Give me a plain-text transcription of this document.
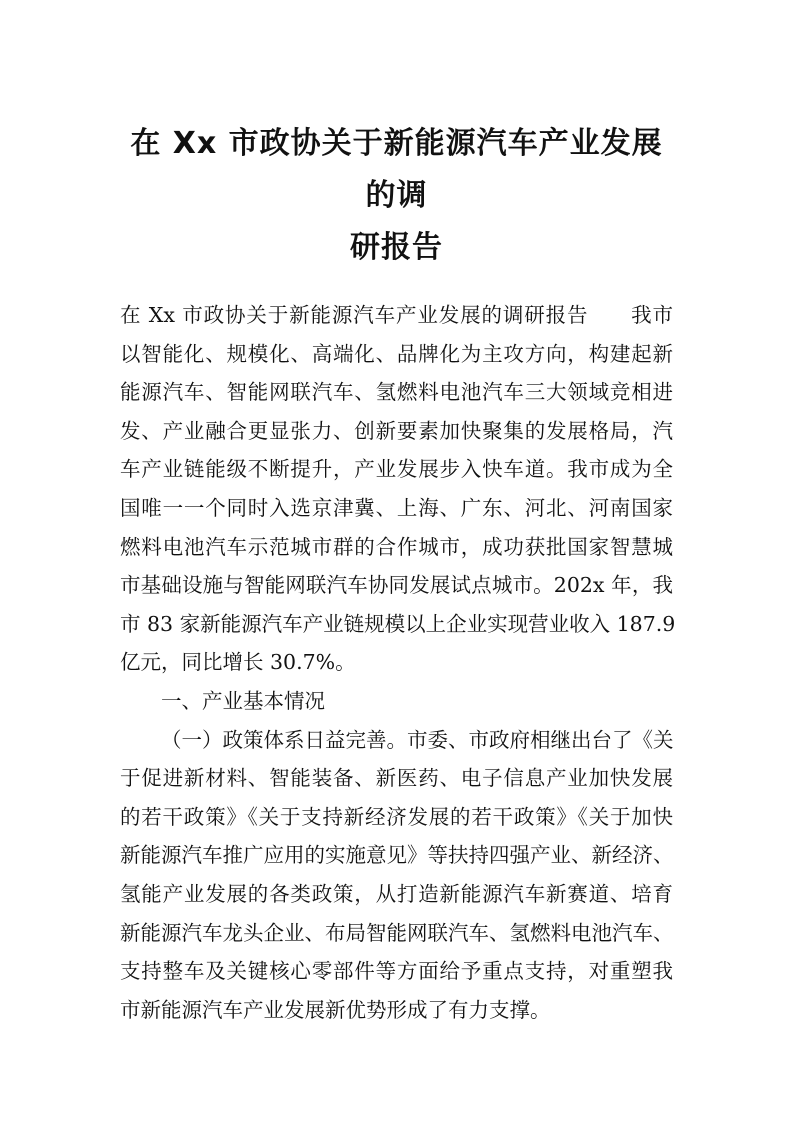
在 Xx 市政协关于新能源汽车产业发展的调
研报告

在 Xx 市政协关于新能源汽车产业发展的调研报告　　我市
以智能化、规模化、高端化、品牌化为主攻方向，构建起新
能源汽车、智能网联汽车、氢燃料电池汽车三大领域竞相进
发、产业融合更显张力、创新要素加快聚集的发展格局，汽
车产业链能级不断提升，产业发展步入快车道。我市成为全
国唯一一个同时入选京津冀、上海、广东、河北、河南国家
燃料电池汽车示范城市群的合作城市，成功获批国家智慧城
市基础设施与智能网联汽车协同发展试点城市。202x 年，我
市 83 家新能源汽车产业链规模以上企业实现营业收入 187.9
亿元，同比增长 30.7%。

一、产业基本情况

（一）政策体系日益完善。市委、市政府相继出台了《关
于促进新材料、智能装备、新医药、电子信息产业加快发展
的若干政策》《关于支持新经济发展的若干政策》《关于加快
新能源汽车推广应用的实施意见》等扶持四强产业、新经济、
氢能产业发展的各类政策，从打造新能源汽车新赛道、培育
新能源汽车龙头企业、布局智能网联汽车、氢燃料电池汽车、
支持整车及关键核心零部件等方面给予重点支持，对重塑我
市新能源汽车产业发展新优势形成了有力支撑。
